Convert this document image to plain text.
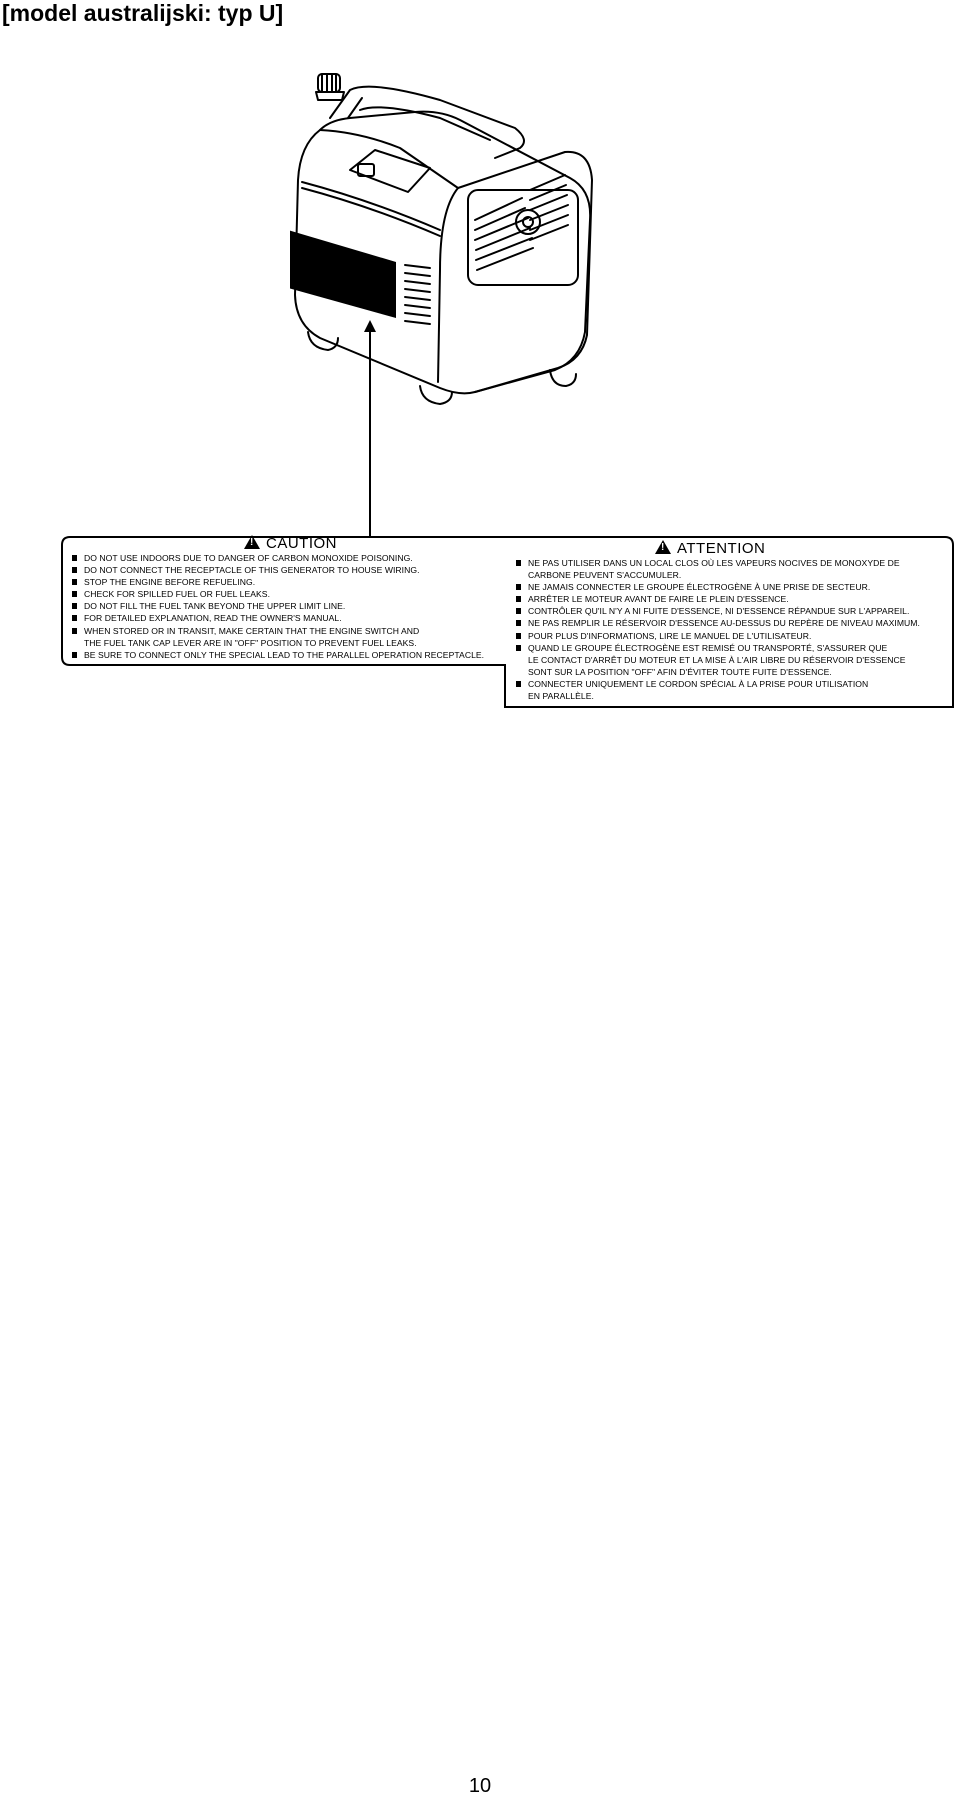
[model australijski: typ U]
!CAUTION
!	ATTENTION
DO NOT USE INDOORS DUE TO DANGER OF CARBON MONOXIDE POISONING.
DO NOT CONNECT THE RECEPTACLE OF THIS GENERATOR TO HOUSE WIRING.
STOP THE ENGINE BEFORE REFUELING.
CHECK FOR SPILLED FUEL OR FUEL LEAKS.
DO NOT FILL THE FUEL TANK BEYOND THE UPPER LIMIT LINE.
FOR DETAILED EXPLANATION, READ THE OWNER'S MANUAL.
WHEN STORED OR IN TRANSIT, MAKE CERTAIN THAT THE ENGINE SWITCH AND
THE FUEL TANK CAP LEVER ARE IN "OFF" POSITION TO PREVENT FUEL LEAKS.
BE SURE TO CONNECT ONLY THE SPECIAL LEAD TO THE PARALLEL OPERATION RECEPTACLE.
NE PAS UTILISER DANS UN LOCAL CLOS OÙ LES VAPEURS NOCIVES DE MONOXYDE DE
CARBONE PEUVENT S'ACCUMULER.
NE JAMAIS CONNECTER LE GROUPE ÉLECTROGÈNE À UNE PRISE DE SECTEUR.
ARRÊTER LE MOTEUR AVANT DE FAIRE LE PLEIN D'ESSENCE.
CONTRÔLER QU'IL N'Y A NI FUITE D'ESSENCE, NI D'ESSENCE RÉPANDUE SUR L'APPAREIL.
NE PAS REMPLIR LE RÉSERVOIR D'ESSENCE AU-DESSUS DU REPÈRE DE NIVEAU MAXIMUM.
POUR PLUS D'INFORMATIONS, LIRE LE MANUEL DE L'UTILISATEUR.
QUAND LE GROUPE ÉLECTROGÈNE EST REMISÉ OU TRANSPORTÉ, S'ASSURER QUE
LE CONTACT D'ARRÊT DU MOTEUR ET LA MISE À L'AIR LIBRE DU RÉSERVOIR D'ESSENCE
SONT SUR LA POSITION "OFF" AFIN D'ÉVITER TOUTE FUITE D'ESSENCE.
CONNECTER UNIQUEMENT LE CORDON SPÉCIAL À LA PRISE POUR UTILISATION
EN PARALLÈLE.
10
